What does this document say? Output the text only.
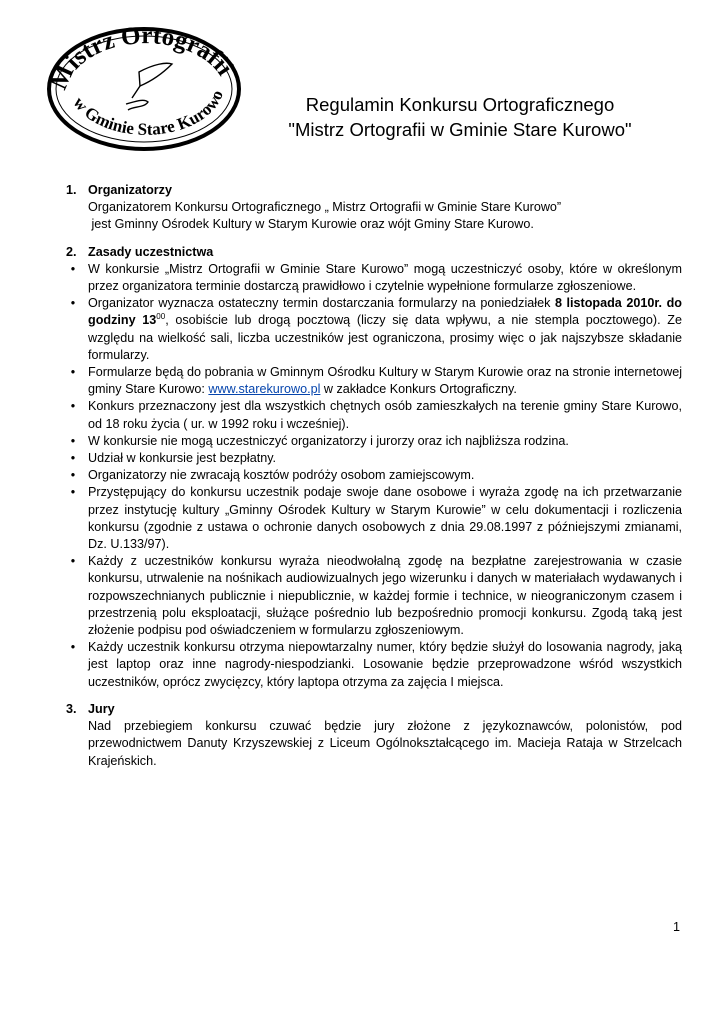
Mistrz Ortografii
w Gminie Stare Kurowo	Regulamin Konkursu Ortograficznego
"Mistrz Ortografii w Gminie Stare Kurowo"
1. Organizatorzy
Organizatorem Konkursu Ortograficznego „ Mistrz Ortografii w Gminie Stare Kurowo”
jest Gminny Ośrodek Kultury w Starym Kurowie oraz wójt Gminy Stare Kurowo.
2. Zasady uczestnictwa
•	W konkursie „Mistrz Ortografii w Gminie Stare Kurowo” mogą uczestniczyć osoby, które w określonym przez organizatora terminie dostarczą prawidłowo i czytelnie wypełnione formularze zgłoszeniowe.
•	Organizator wyznacza ostateczny termin dostarczania formularzy na poniedziałek 8 listopada 2010r. do godziny $13^{00}$, osobiście lub drogą pocztową (liczy się data wpływu, a nie stempla pocztowego). Ze względu na wielkość sali, liczba uczestników jest ograniczona, prosimy więc o jak najszybsze składanie formularzy.
•	Formularze będą do pobrania w Gminnym Ośrodku Kultury w Starym Kurowie oraz na stronie internetowej gminy Stare Kurowo: www.starekurowo.pl w zakładce Konkurs Ortograficzny.
•	Konkurs przeznaczony jest dla wszystkich chętnych osób zamieszkałych na terenie gminy Stare Kurowo, od 18 roku życia ( ur. w 1992 roku i wcześniej).
•	W konkursie nie mogą uczestniczyć organizatorzy i jurorzy oraz ich najbliższa rodzina.
•	Udział w konkursie jest bezpłatny.
•	Organizatorzy nie zwracają kosztów podróży osobom zamiejscowym.
•	Przystępujący do konkursu uczestnik podaje swoje dane osobowe i wyraża zgodę na ich przetwarzanie przez instytucję kultury „Gminny Ośrodek Kultury w Starym Kurowie” w celu dokumentacji i rozliczenia konkursu (zgodnie z ustawa o ochronie danych osobowych z dnia 29.08.1997 z późniejszymi zmianami, Dz. U.133/97).
•	Każdy z uczestników konkursu wyraża nieodwołalną zgodę na bezpłatne zarejestrowania w czasie konkursu, utrwalenie na nośnikach audiowizualnych jego wizerunku i danych w materiałach wydawanych i rozpowszechnianych publicznie i niepublicznie, w każdej formie i technice, w nieograniczonym czasem i przestrzenią polu eksploatacji, służące pośrednio lub bezpośrednio promocji konkursu. Zgodą taką jest złożenie podpisu pod oświadczeniem w formularzu zgłoszeniowym.
•	Każdy uczestnik konkursu otrzyma niepowtarzalny numer, który będzie służył do losowania nagrody, jaką jest laptop oraz inne nagrody-niespodzianki. Losowanie będzie przeprowadzone wśród wszystkich uczestników, oprócz zwycięzcy, który laptopa otrzyma za zajęcia I miejsca.
3. Jury
Nad przebiegiem konkursu czuwać będzie jury złożone z językoznawców, polonistów, pod przewodnictwem Danuty Krzyszewskiej z Liceum Ogólnokształcącego im. Macieja Rataja w Strzelcach Krajeńskich.
1
